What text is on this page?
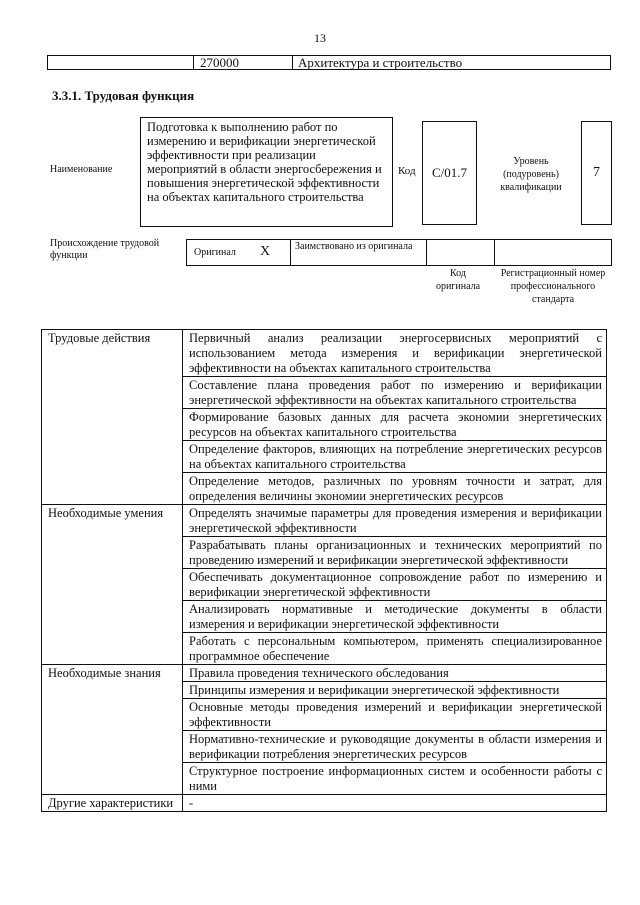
13
270000	Архитектура и строительство
3.3.1. Трудовая функция
Наименование
Подготовка к выполнению работ по измерению и верификации энергетической эффективности при реализации мероприятий в области энергосбережения и повышения энергетической эффективности на объектах капитального строительства
Код	C/01.7
Уровень (подуровень) квалификации
7
Происхождение трудовой функции	Оригинал X Заимствовано из оригинала
Код оригинала
Регистрационный номер профессионального стандарта
Трудовые действия	Первичный анализ реализации энергосервисных мероприятий с использованием метода измерения и верификации энергетической эффективности на объектах капитального строительства
	Составление плана проведения работ по измерению и верификации энергетической эффективности на объектах капитального строительства
	Формирование базовых данных для расчета экономии энергетических ресурсов на объектах капитального строительства
	Определение факторов, влияющих на потребление энергетических ресурсов на объектах капитального строительства
	Определение методов, различных по уровням точности и затрат, для определения величины экономии энергетических ресурсов
Необходимые умения	Определять значимые параметры для проведения измерения и верификации энергетической эффективности
	Разрабатывать планы организационных и технических мероприятий по проведению измерений и верификации энергетической эффективности
	Обеспечивать документационное сопровождение работ по измерению и верификации энергетической эффективности
	Анализировать нормативные и методические документы в области измерения и верификации энергетической эффективности
	Работать с персональным компьютером, применять специализированное программное обеспечение
Необходимые знания	Правила проведения технического обследования
	Принципы измерения и верификации энергетической эффективности
	Основные методы проведения измерений и верификации энергетической эффективности
	Нормативно-технические и руководящие документы в области измерения и верификации потребления энергетических ресурсов
	Структурное построение информационных систем и особенности работы с ними
Другие характеристики	-
